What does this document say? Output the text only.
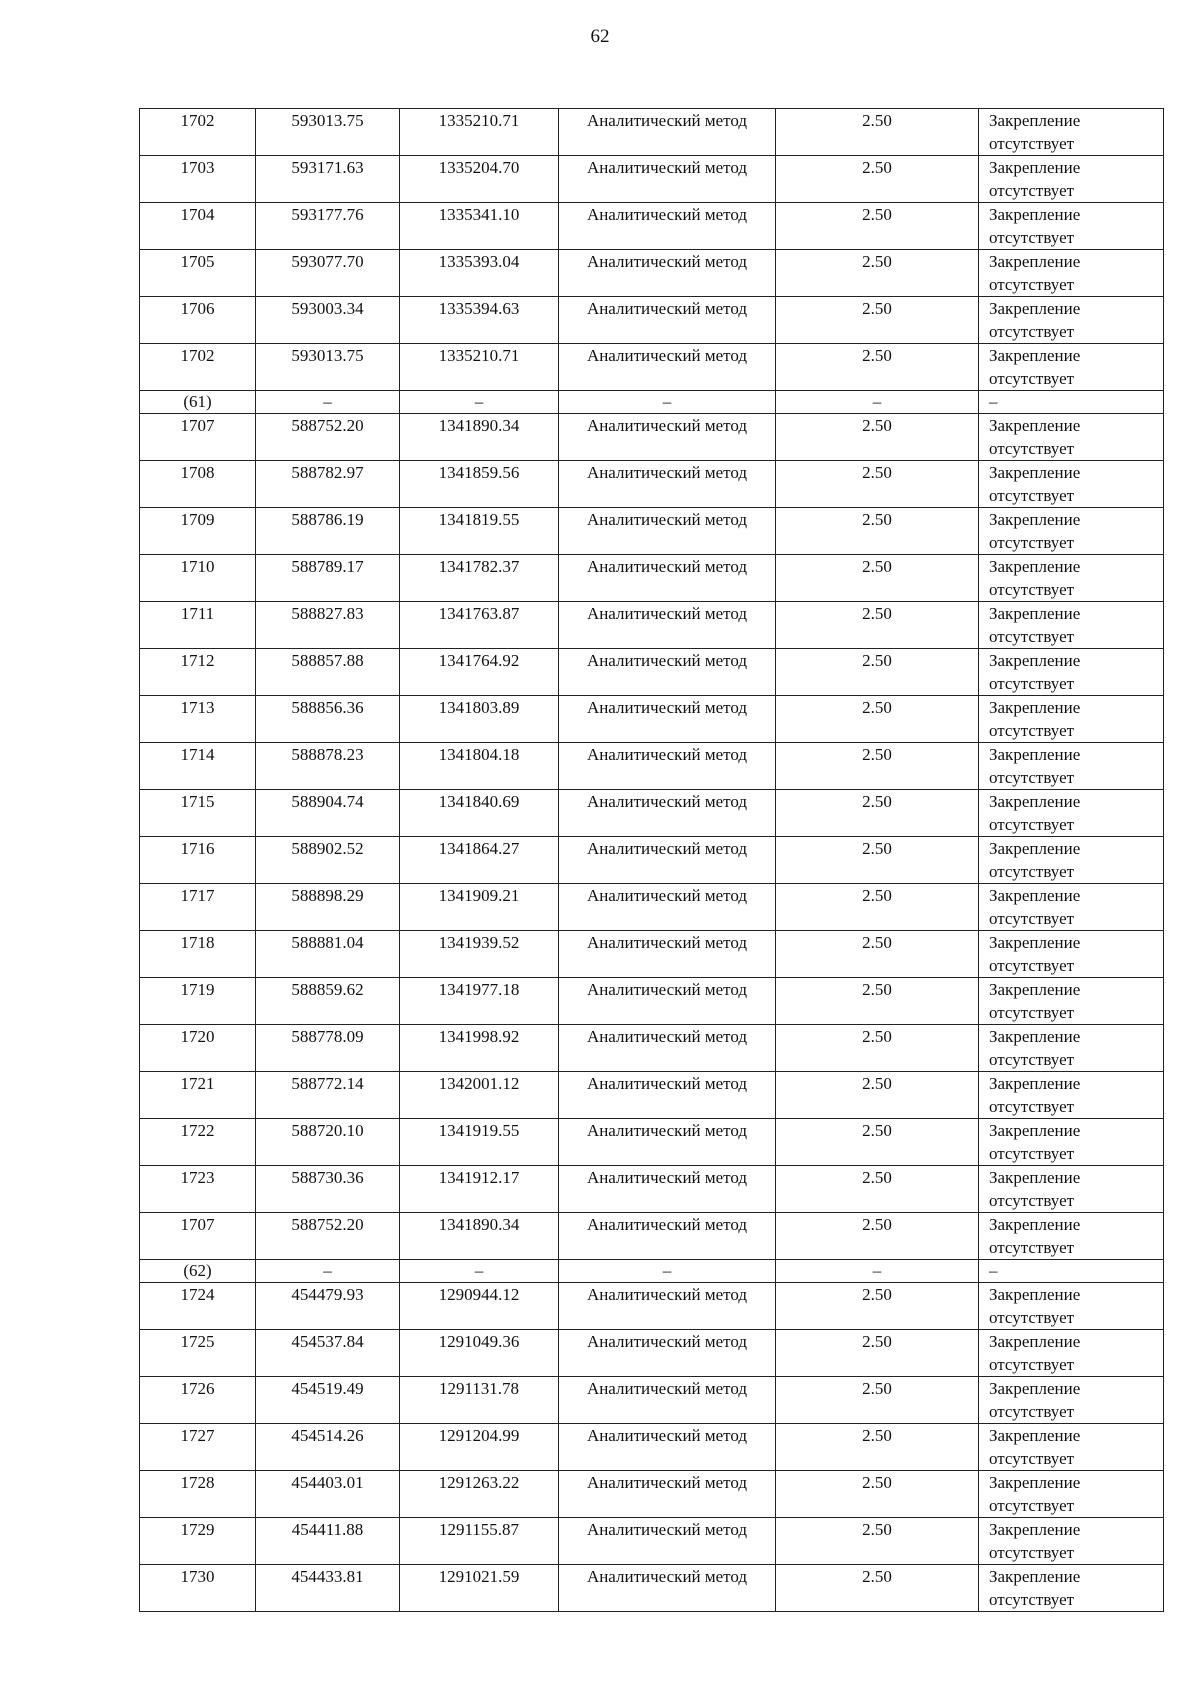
62
1702	593013.75	1335210.71	Аналитический метод	2.50	Закрепление отсутствует
1703	593171.63	1335204.70	Аналитический метод	2.50	Закрепление отсутствует
1704	593177.76	1335341.10	Аналитический метод	2.50	Закрепление отсутствует
1705	593077.70	1335393.04	Аналитический метод	2.50	Закрепление отсутствует
1706	593003.34	1335394.63	Аналитический метод	2.50	Закрепление отсутствует
1702	593013.75	1335210.71	Аналитический метод	2.50	Закрепление отсутствует
(61)	–	–	–	–	–
1707	588752.20	1341890.34	Аналитический метод	2.50	Закрепление отсутствует
1708	588782.97	1341859.56	Аналитический метод	2.50	Закрепление отсутствует
1709	588786.19	1341819.55	Аналитический метод	2.50	Закрепление отсутствует
1710	588789.17	1341782.37	Аналитический метод	2.50	Закрепление отсутствует
1711	588827.83	1341763.87	Аналитический метод	2.50	Закрепление отсутствует
1712	588857.88	1341764.92	Аналитический метод	2.50	Закрепление отсутствует
1713	588856.36	1341803.89	Аналитический метод	2.50	Закрепление отсутствует
1714	588878.23	1341804.18	Аналитический метод	2.50	Закрепление отсутствует
1715	588904.74	1341840.69	Аналитический метод	2.50	Закрепление отсутствует
1716	588902.52	1341864.27	Аналитический метод	2.50	Закрепление отсутствует
1717	588898.29	1341909.21	Аналитический метод	2.50	Закрепление отсутствует
1718	588881.04	1341939.52	Аналитический метод	2.50	Закрепление отсутствует
1719	588859.62	1341977.18	Аналитический метод	2.50	Закрепление отсутствует
1720	588778.09	1341998.92	Аналитический метод	2.50	Закрепление отсутствует
1721	588772.14	1342001.12	Аналитический метод	2.50	Закрепление отсутствует
1722	588720.10	1341919.55	Аналитический метод	2.50	Закрепление отсутствует
1723	588730.36	1341912.17	Аналитический метод	2.50	Закрепление отсутствует
1707	588752.20	1341890.34	Аналитический метод	2.50	Закрепление отсутствует
(62)	–	–	–	–	–
1724	454479.93	1290944.12	Аналитический метод	2.50	Закрепление отсутствует
1725	454537.84	1291049.36	Аналитический метод	2.50	Закрепление отсутствует
1726	454519.49	1291131.78	Аналитический метод	2.50	Закрепление отсутствует
1727	454514.26	1291204.99	Аналитический метод	2.50	Закрепление отсутствует
1728	454403.01	1291263.22	Аналитический метод	2.50	Закрепление отсутствует
1729	454411.88	1291155.87	Аналитический метод	2.50	Закрепление отсутствует
1730	454433.81	1291021.59	Аналитический метод	2.50	Закрепление отсутствует
